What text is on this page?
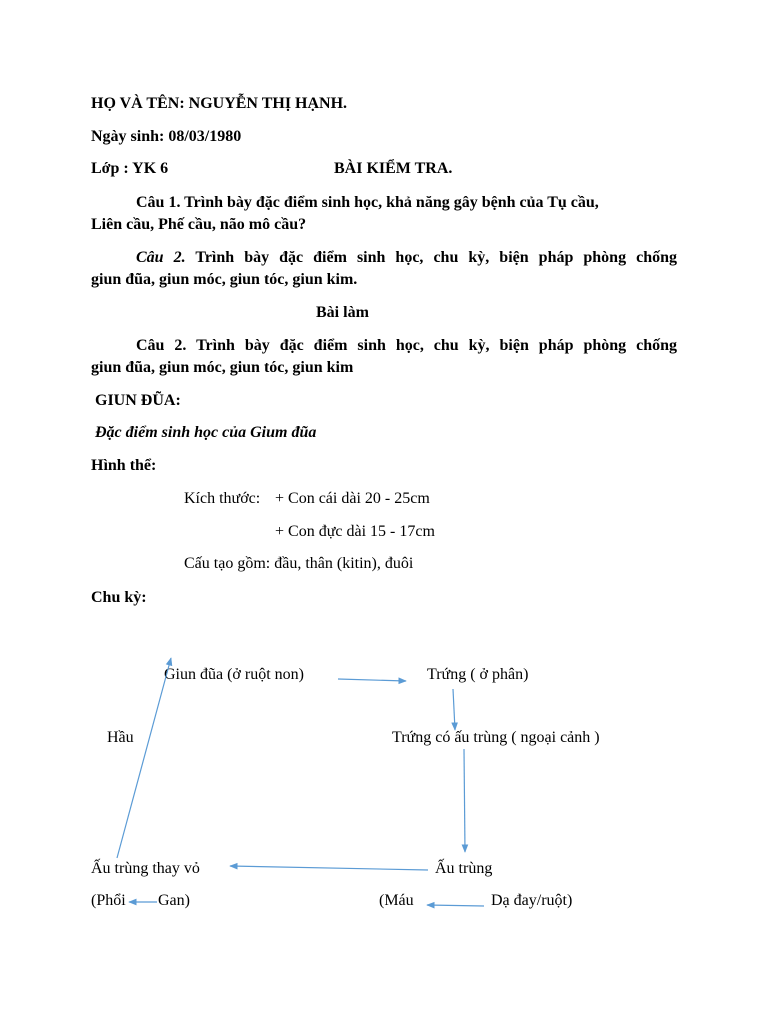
HỌ VÀ TÊN: NGUYỄN THỊ HẠNH.
Ngày sinh: 08/03/1980
Lớp : YK 6	BÀI KIỂM TRA.
Câu 1. Trình bày đặc điểm sinh học, khả năng gây bệnh của Tụ cầu,
Liên cầu, Phế cầu, não mô cầu?
Câu 2. Trình bày đặc điểm sinh học, chu kỳ, biện pháp phòng chống
giun đũa, giun móc, giun tóc, giun kim.
Bài làm
Câu 2. Trình bày đặc điểm sinh học, chu kỳ, biện pháp phòng chống
giun đũa, giun móc, giun tóc, giun kim
GIUN ĐŨA:
Đặc điểm sinh học của Gium đũa
Hình thể:
Kích thước: + Con cái dài 20 - 25cm
+ Con đực dài 15 - 17cm
Cấu tạo gồm: đầu, thân (kitin), đuôi
Chu kỳ:
Giun đũa (ở ruột non)	Trứng ( ở phân)
Hầu	Trứng có ấu trùng ( ngoại cảnh )
Ấu trùng thay vỏ	Ấu trùng
(Phổi Gan)	(Máu	Dạ đay/ruột)
